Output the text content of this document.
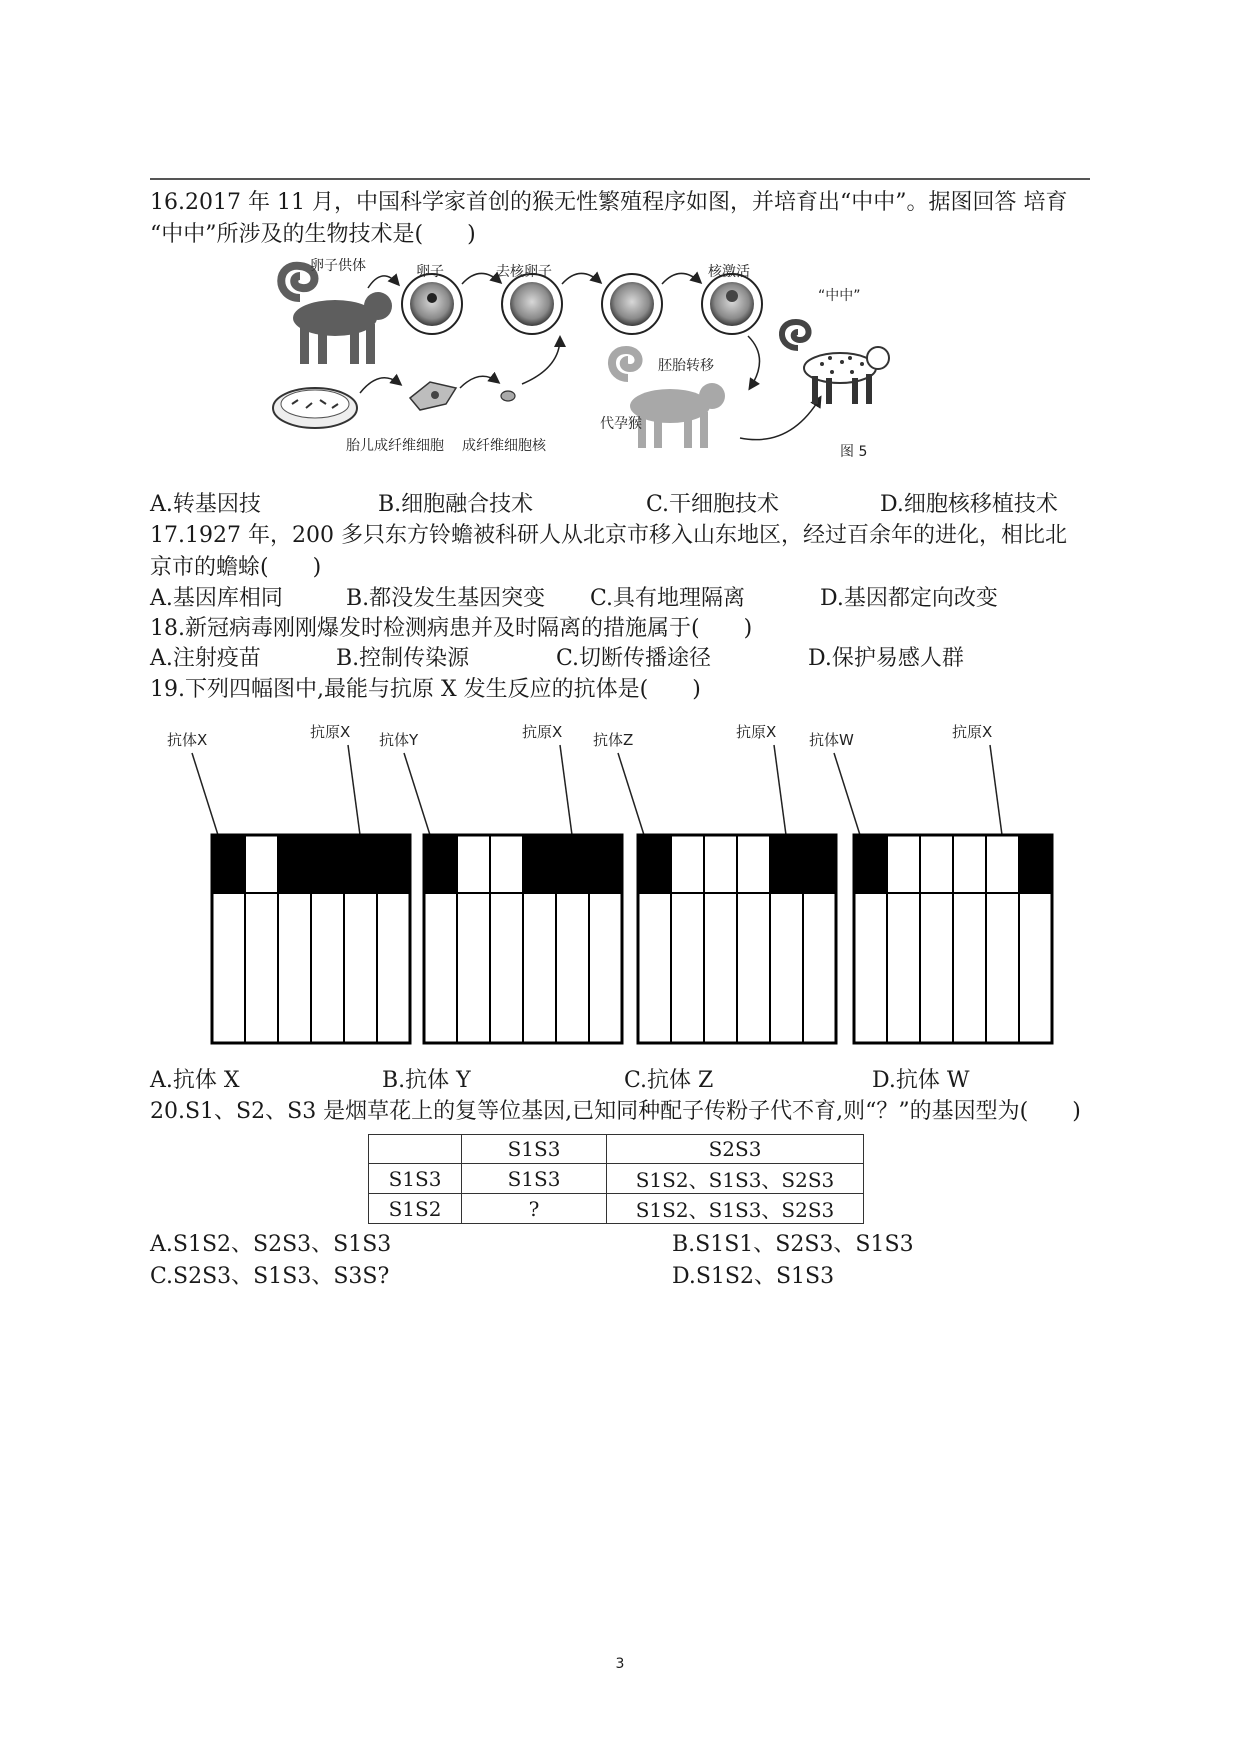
16.2017 年 11 月，中国科学家首创的猴无性繁殖程序如图，并培育出“中中”。据图回答 培育
“中中”所涉及的生物技术是(　　)
卵子供体	卵子	去核卵子	核激活
胎儿成纤维细胞 成纤维细胞核
胚胎转移
代孕猴
“中中”
图 5
A.转基因技	B.细胞融合技术	C.干细胞技术	D.细胞核移植技术
17.1927 年，200 多只东方铃蟾被科研人从北京市移入山东地区，经过百余年的进化，相比北
京市的蟾蜍(　　)
A.基因库相同	B.都没发生基因突变 C.具有地理隔离	D.基因都定向改变
18.新冠病毒刚刚爆发时检测病患并及时隔离的措施属于(　　)
A.注射疫苗	B.控制传染源	C.切断传播途径	D.保护易感人群
19.下列四幅图中,最能与抗原 X 发生反应的抗体是(　　)
抗体X	抗原X 抗体Y	抗原X 抗体Z	抗原X 抗体W	抗原X
A.抗体 X	B.抗体 Y	C.抗体 Z	D.抗体 W
20.S1、S2、S3 是烟草花上的复等位基因,已知同种配子传粉子代不育,则“？”的基因型为(　　)
	S1S3	S2S3
S1S3	S1S3	S1S2、S1S3、S2S3
S1S2	?	S1S2、S1S3、S2S3
A.S1S2、S2S3、S1S3	B.S1S1、S2S3、S1S3
C.S2S3、S1S3、S3S?	D.S1S2、S1S3
3
